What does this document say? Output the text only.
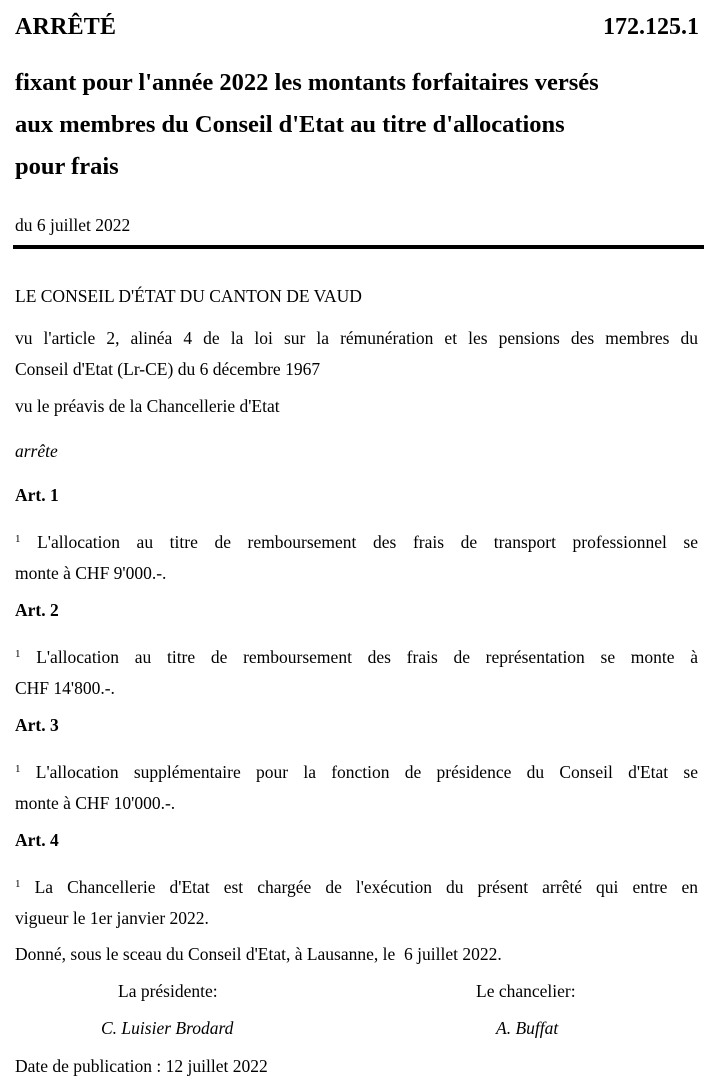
ARRÊTÉ	172.125.1
fixant pour l'année 2022 les montants forfaitaires versés
aux membres du Conseil d'Etat au titre d'allocations
pour frais
du 6 juillet 2022
LE CONSEIL D'ÉTAT DU CANTON DE VAUD
vu l'article 2, alinéa 4 de la loi sur la rémunération et les pensions des membres du
Conseil d'Etat (Lr-CE) du 6 décembre 1967
vu le préavis de la Chancellerie d'Etat
arrête
Art. 1
$^1$ L'allocation au titre de remboursement des frais de transport professionnel se
monte à CHF 9'000.-.
Art. 2
$^1$ L'allocation au titre de remboursement des frais de représentation se monte à
CHF 14'800.-.
Art. 3
$^1$ L'allocation supplémentaire pour la fonction de présidence du Conseil d'Etat se
monte à CHF 10'000.-.
Art. 4
$^1$ La Chancellerie d'Etat est chargée de l'exécution du présent arrêté qui entre en
vigueur le 1er janvier 2022.
Donné, sous le sceau du Conseil d'Etat, à Lausanne, le  6 juillet 2022.
La présidente:	Le chancelier:
C. Luisier Brodard	A. Buffat
Date de publication : 12 juillet 2022
